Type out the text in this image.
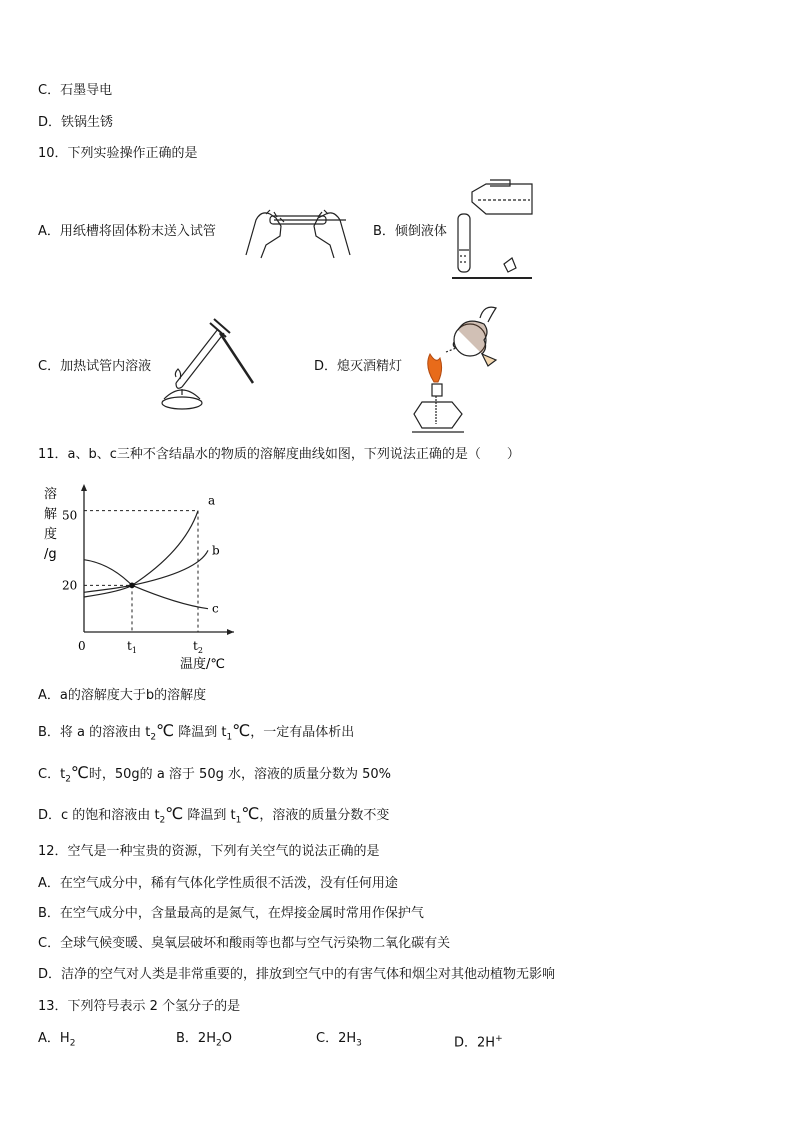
C．石墨导电
D．铁锅生锈
10．下列实验操作正确的是
A．用纸槽将固体粉末送入试管	B．倾倒液体
C．加热试管内溶液	D．熄灭酒精灯
11．a、b、c三种不含结晶水的物质的溶解度曲线如图，下列说法正确的是（　　）
溶
解
度
/g
0
20
50
$t_1$	$t_2$
温度/℃
a
b
c
A．a的溶解度大于b的溶解度
B．将 a 的溶液由 $t_2℃$ 降温到 $t_1℃$，一定有晶体析出
C．$t_2℃$时，50g的 a 溶于 50g 水，溶液的质量分数为 50%
D．c 的饱和溶液由 $t_2℃$ 降温到 $t_1℃$，溶液的质量分数不变
12．空气是一种宝贵的资源，下列有关空气的说法正确的是
A．在空气成分中，稀有气体化学性质很不活泼，没有任何用途
B．在空气成分中，含量最高的是氮气，在焊接金属时常用作保护气
C．全球气候变暖、臭氧层破坏和酸雨等也都与空气污染物二氧化碳有关
D．洁净的空气对人类是非常重要的，排放到空气中的有害气体和烟尘对其他动植物无影响
13．下列符号表示 2 个氢分子的是
A．$H_2$	B．$2H_2O$	C．$2H_3$	D．2H+
